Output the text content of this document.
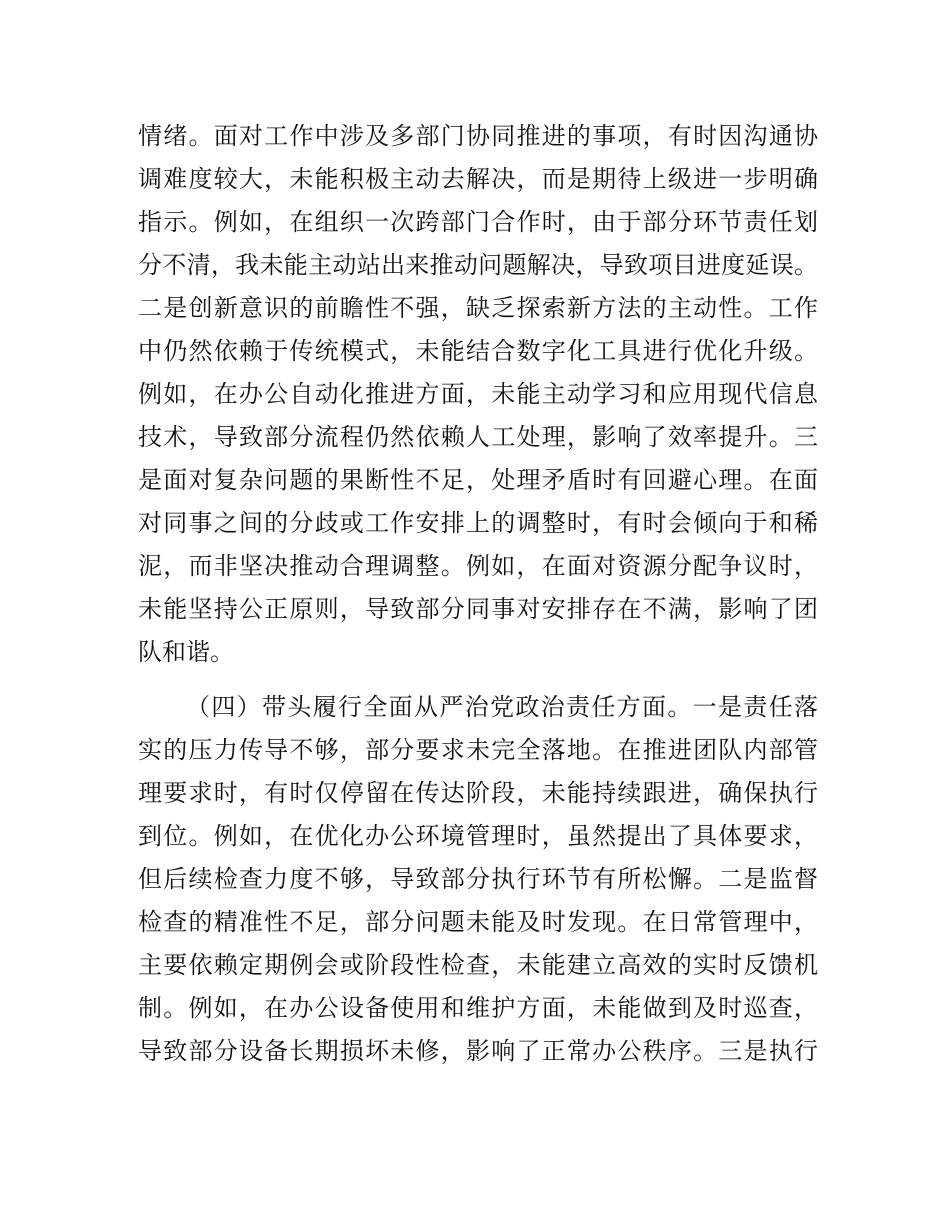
情绪。面对工作中涉及多部门协同推进的事项，有时因沟通协
调难度较大，未能积极主动去解决，而是期待上级进一步明确
指示。例如，在组织一次跨部门合作时，由于部分环节责任划
分不清，我未能主动站出来推动问题解决，导致项目进度延误。
二是创新意识的前瞻性不强，缺乏探索新方法的主动性。工作
中仍然依赖于传统模式，未能结合数字化工具进行优化升级。
例如，在办公自动化推进方面，未能主动学习和应用现代信息
技术，导致部分流程仍然依赖人工处理，影响了效率提升。三
是面对复杂问题的果断性不足，处理矛盾时有回避心理。在面
对同事之间的分歧或工作安排上的调整时，有时会倾向于和稀
泥，而非坚决推动合理调整。例如，在面对资源分配争议时，
未能坚持公正原则，导致部分同事对安排存在不满，影响了团
队和谐。
（四）带头履行全面从严治党政治责任方面。一是责任落
实的压力传导不够，部分要求未完全落地。在推进团队内部管
理要求时，有时仅停留在传达阶段，未能持续跟进，确保执行
到位。例如，在优化办公环境管理时，虽然提出了具体要求，
但后续检查力度不够，导致部分执行环节有所松懈。二是监督
检查的精准性不足，部分问题未能及时发现。在日常管理中，
主要依赖定期例会或阶段性检查，未能建立高效的实时反馈机
制。例如，在办公设备使用和维护方面，未能做到及时巡查，
导致部分设备长期损坏未修，影响了正常办公秩序。三是执行
